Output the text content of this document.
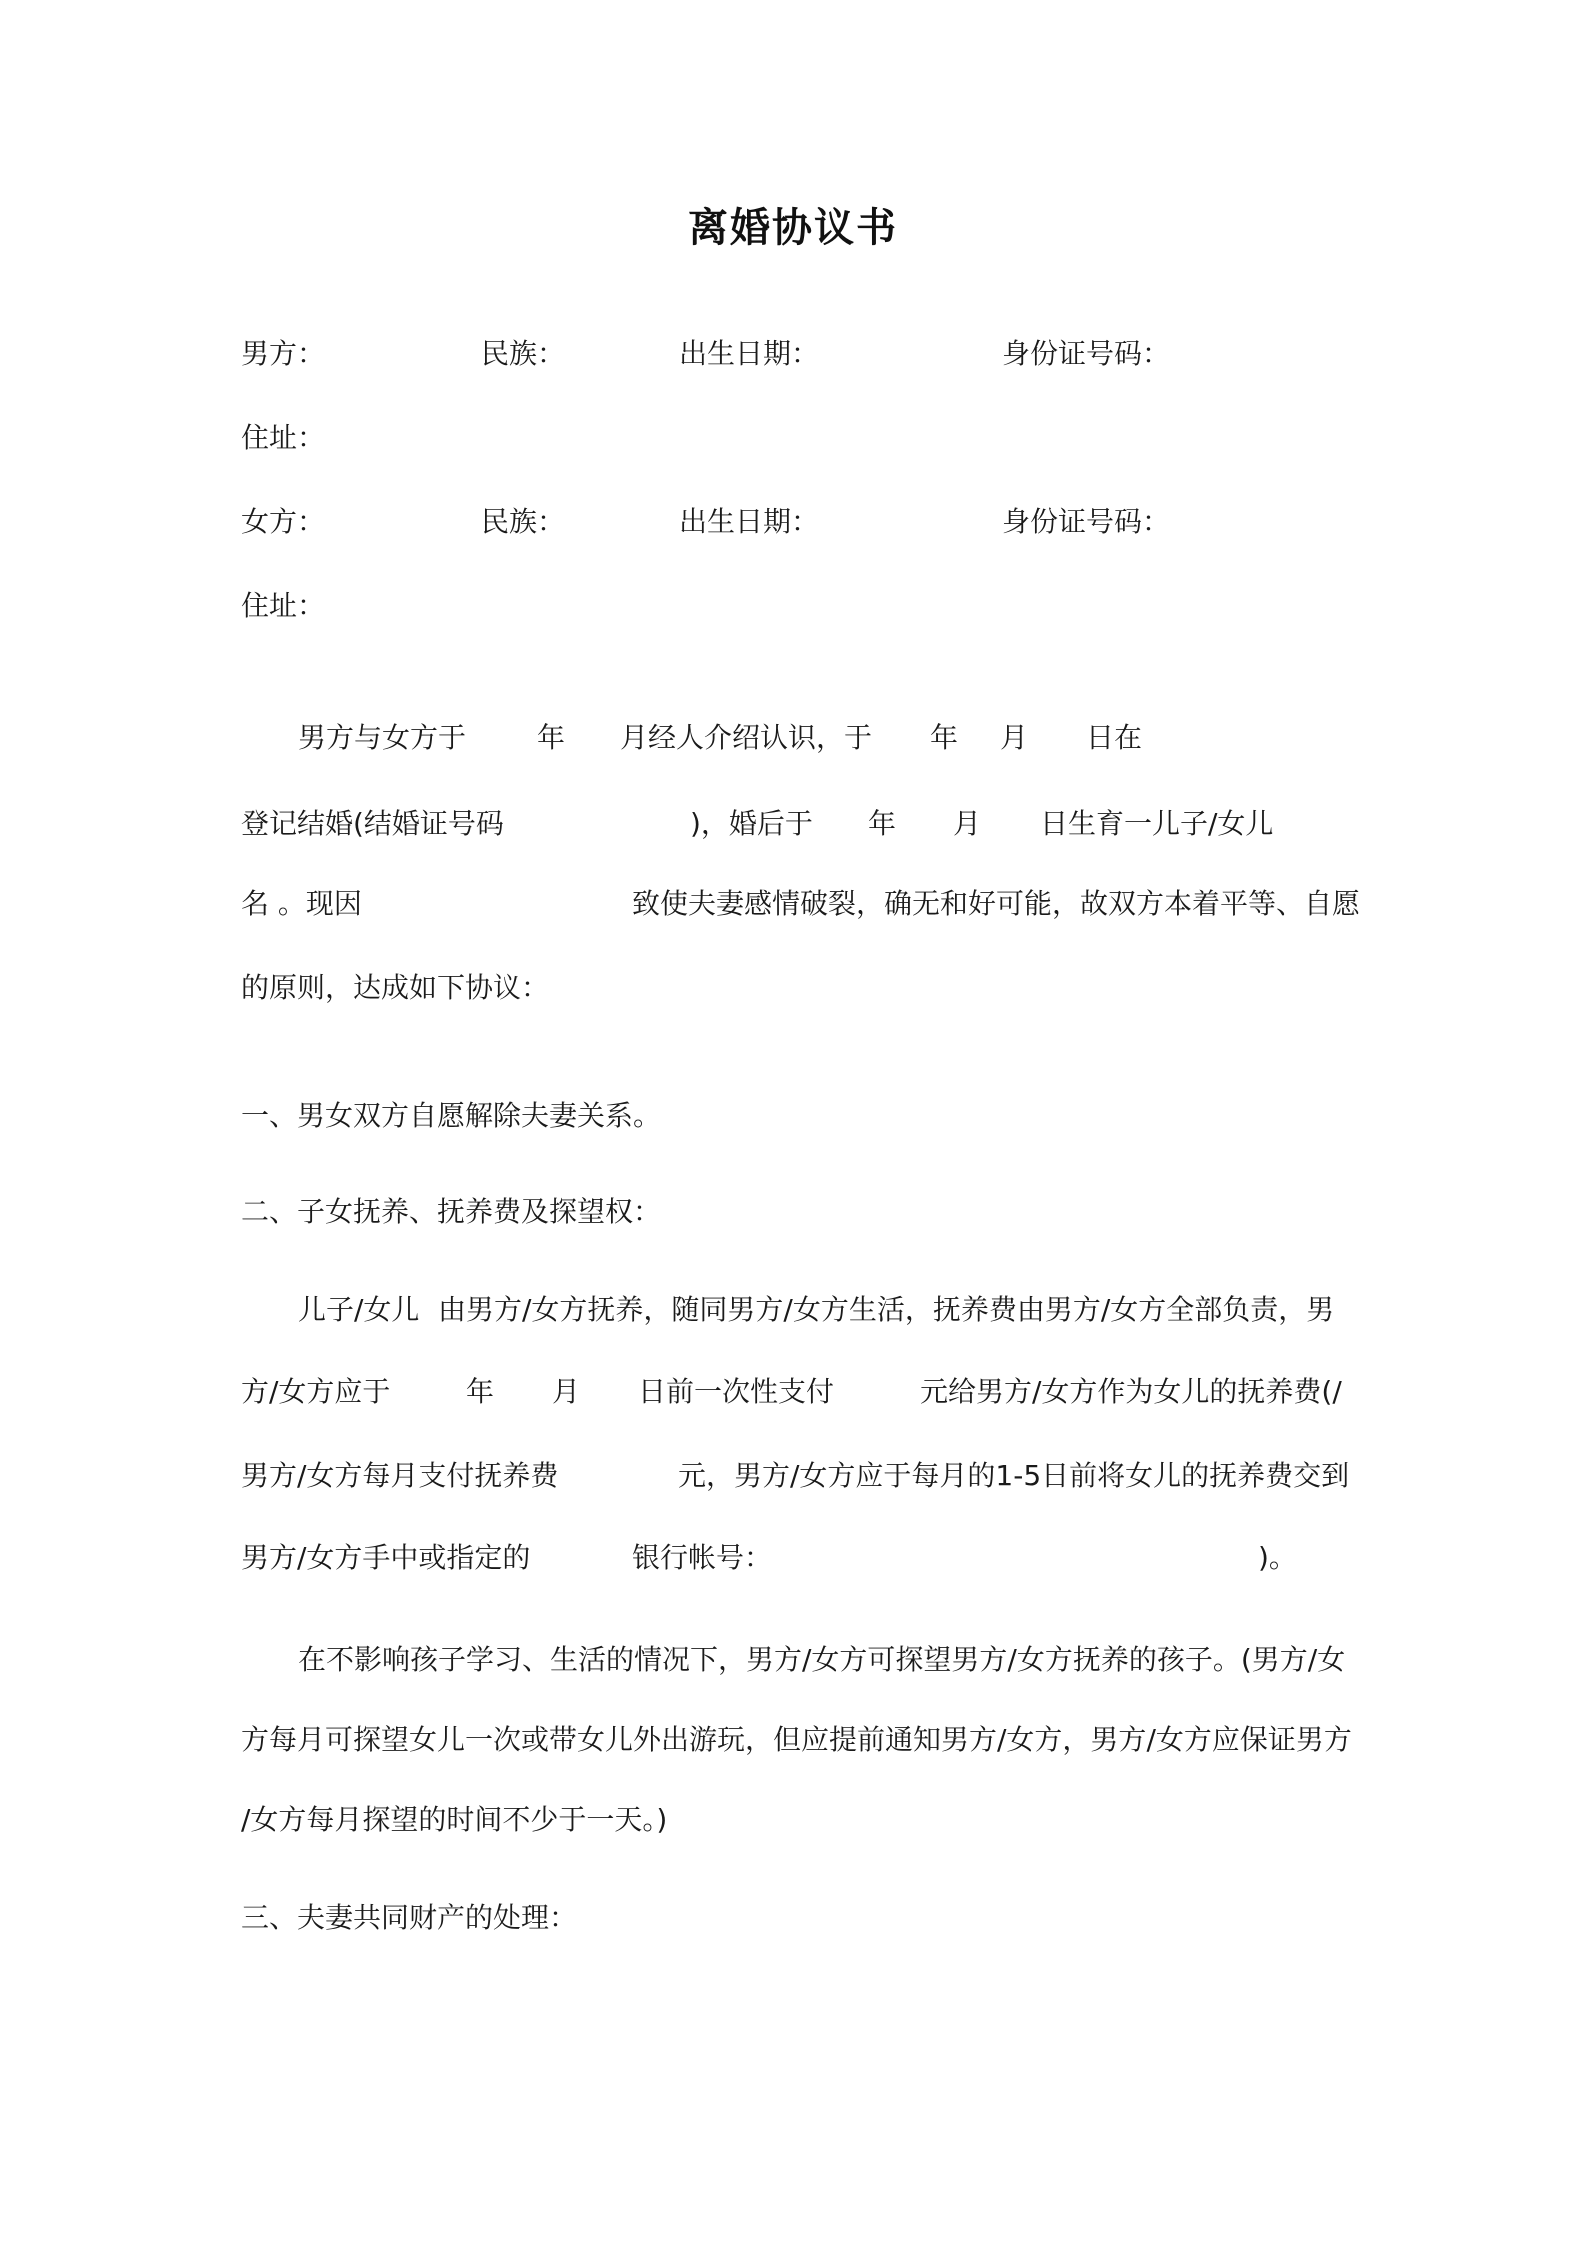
离婚协议书
男方：	民族：	出生日期：	身份证号码：
住址：
女方：	民族：	出生日期：	身份证号码：
住址：
男方与女方于	年 月经人介绍认识，于 年 月 日在
登记结婚(结婚证号码	)，婚后于 年 月 日生育一儿子/女儿
名 。现因	致使夫妻感情破裂，确无和好可能，故双方本着平等、自愿
的原则，达成如下协议：
一、男女双方自愿解除夫妻关系。
二、子女抚养、抚养费及探望权：
儿子/女儿 由男方/女方抚养，随同男方/女方生活，抚养费由男方/女方全部负责，男
方/女方应于	年 月 日前一次性支付	元给男方/女方作为女儿的抚养费(/
男方/女方每月支付抚养费	元，男方/女方应于每月的1-5日前将女儿的抚养费交到
男方/女方手中或指定的	银行帐号：	)。
在不影响孩子学习、生活的情况下，男方/女方可探望男方/女方抚养的孩子。(男方/女
方每月可探望女儿一次或带女儿外出游玩，但应提前通知男方/女方，男方/女方应保证男方
/女方每月探望的时间不少于一天。)
三、夫妻共同财产的处理：
